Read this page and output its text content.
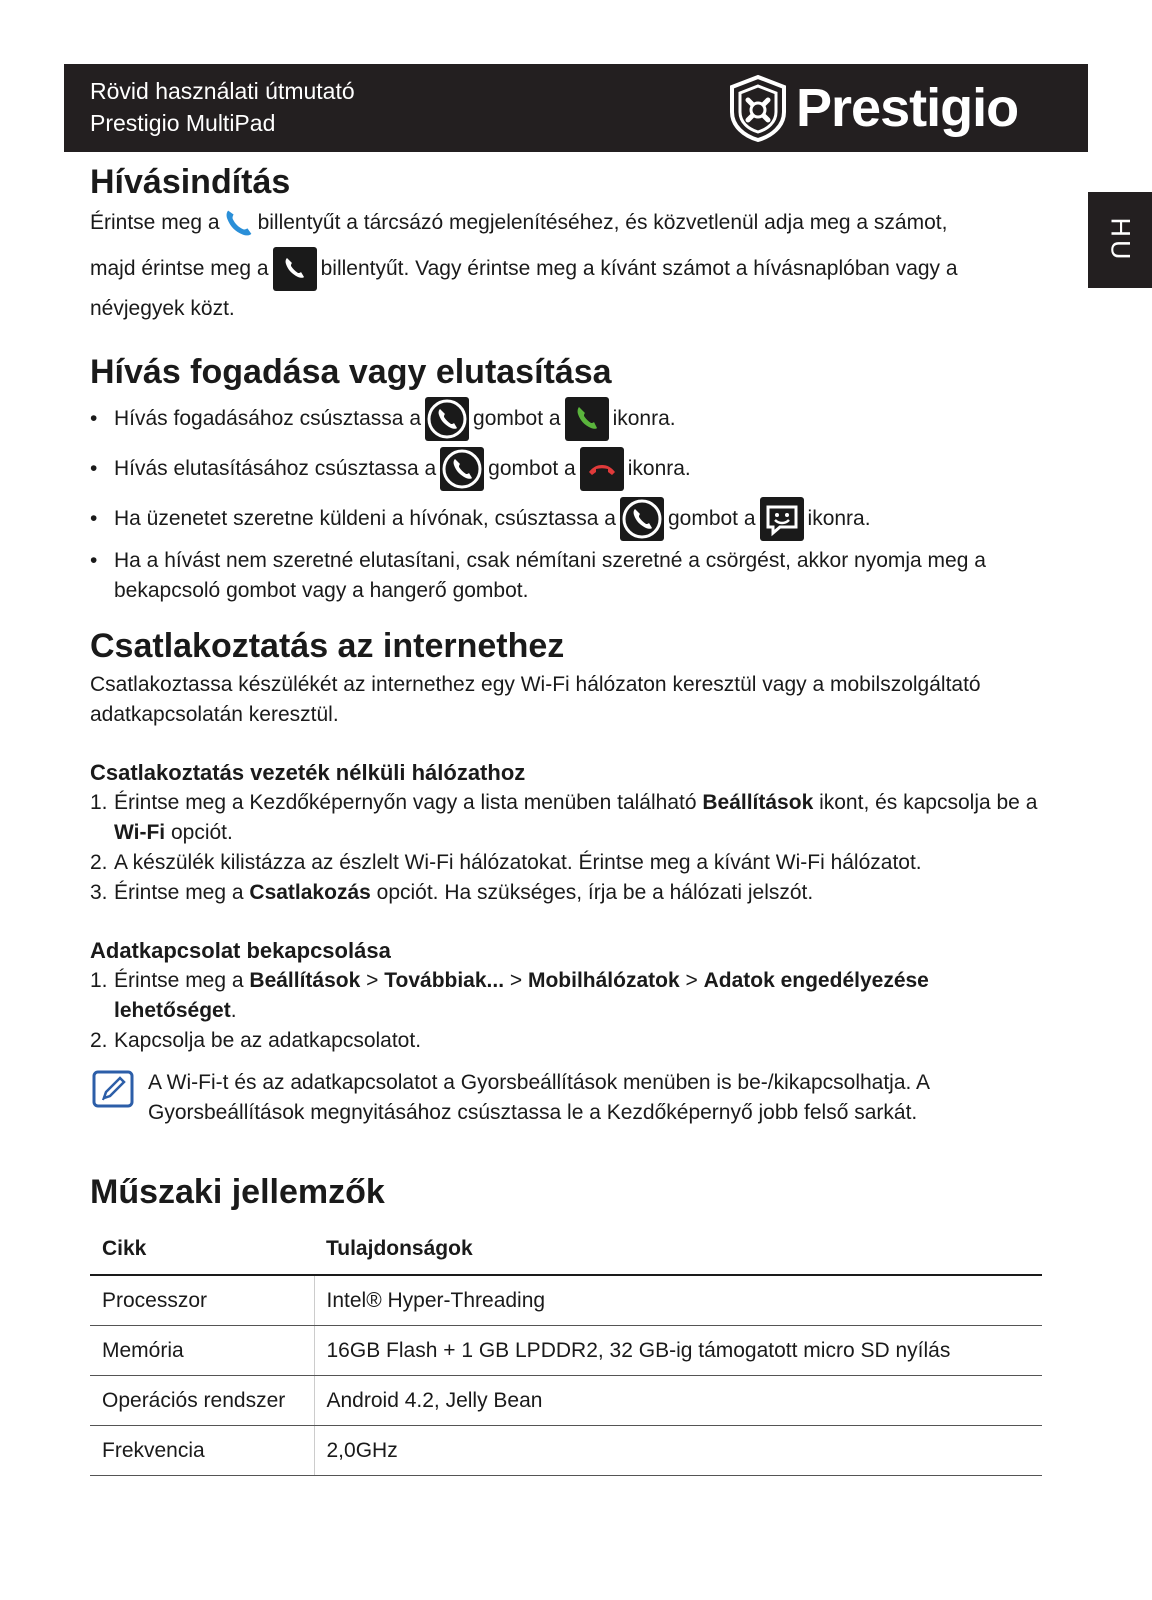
Rövid használati útmutató
Prestigio MultiPad	Prestigio
HU
Hívásindítás
Érintse meg a billentyűt a tárcsázó megjelenítéséhez, és közvetlenül adja meg a számot,
majd érintse meg a billentyűt. Vagy érintse meg a kívánt számot a hívásnaplóban vagy a

névjegyek közt.

Hívás fogadása vagy elutasítása
• Hívás fogadásához csúsztassa a gombot a ikonra.
• Hívás elutasításához csúsztassa a gombot a ikonra.
• Ha üzenetet szeretne küldeni a hívónak, csúsztassa a gombot a ikonra.
• Ha a hívást nem szeretné elutasítani, csak némítani szeretné a csörgést, akkor nyomja meg a bekapcsoló gombot vagy a hangerő gombot.

Csatlakoztatás az internethez

Csatlakoztassa készülékét az internethez egy Wi-Fi hálózaton keresztül vagy a mobilszolgáltató adatkapcsolatán keresztül.

Csatlakoztatás vezeték nélküli hálózathoz
1. Érintse meg a Kezdőképernyőn vagy a lista menüben található Beállítások ikont, és kapcsolja be a Wi-Fi opciót.
2. A készülék kilistázza az észlelt Wi-Fi hálózatokat. Érintse meg a kívánt Wi-Fi hálózatot.
3. Érintse meg a Csatlakozás opciót. Ha szükséges, írja be a hálózati jelszót.
Adatkapcsolat bekapcsolása
1. Érintse meg a Beállítások > Továbbiak... > Mobilhálózatok > Adatok engedélyezése lehetőséget.
2. Kapcsolja be az adatkapcsolatot.

A Wi-Fi-t és az adatkapcsolatot a Gyorsbeállítások menüben is be-/kikapcsolhatja. A Gyorsbeállítások megnyitásához csúsztassa le a Kezdőképernyő jobb felső sarkát.

Műszaki jellemzők
Cikk	Tulajdonságok
Processzor	Intel® Hyper-Threading
Memória	16GB Flash + 1 GB LPDDR2, 32 GB-ig támogatott micro SD nyílás
Operációs rendszer	Android 4.2, Jelly Bean
Frekvencia	2,0GHz
